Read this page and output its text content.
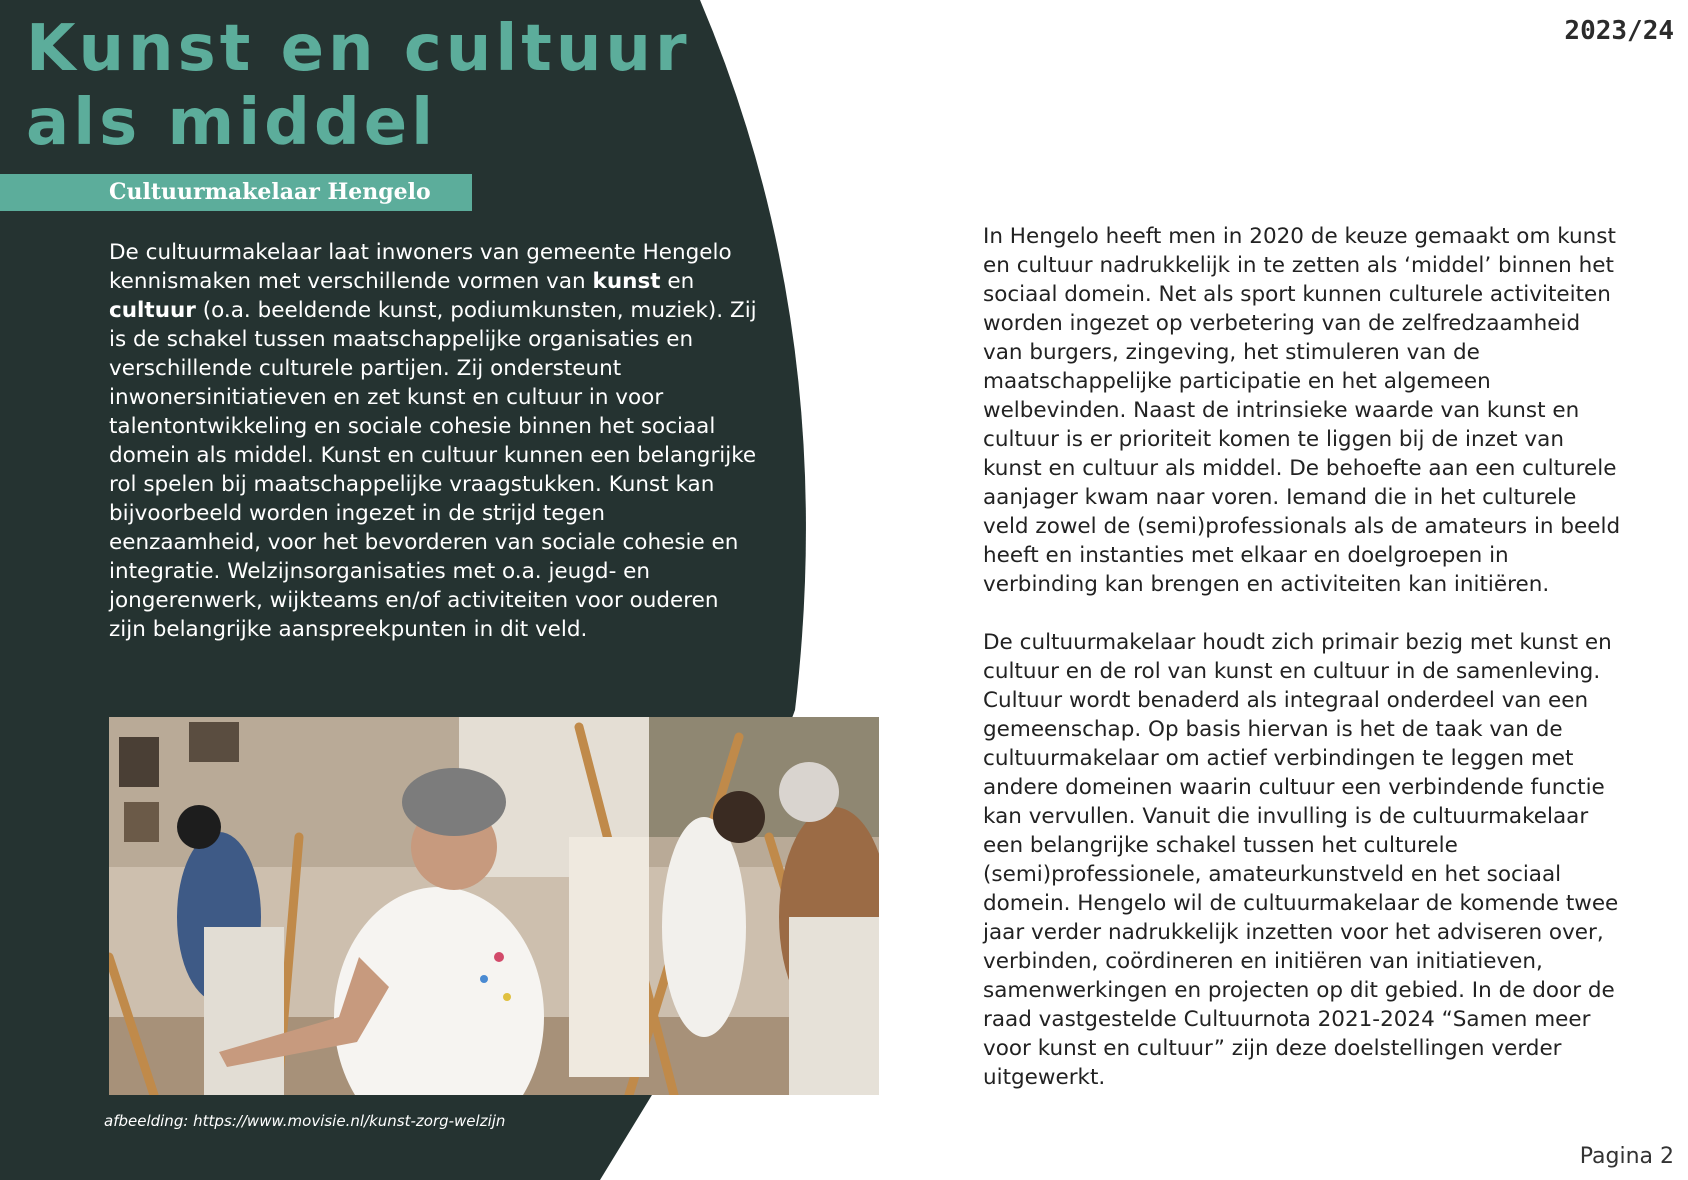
Kunst en cultuur
als middel
2023/24
Cultuurmakelaar Hengelo

De cultuurmakelaar laat inwoners van gemeente Hengelo kennismaken met verschillende vormen van kunst en cultuur (o.a. beeldende kunst, podiumkunsten, muziek). Zij is de schakel tussen maatschappelijke organisaties en verschillende culturele partijen. Zij ondersteunt inwonersinitiatieven en zet kunst en cultuur in voor talentontwikkeling en sociale cohesie binnen het sociaal domein als middel. Kunst en cultuur kunnen een belangrijke rol spelen bij maatschappelijke vraagstukken. Kunst kan bijvoorbeeld worden ingezet in de strijd tegen eenzaamheid, voor het bevorderen van sociale cohesie en integratie. Welzijnsorganisaties met o.a. jeugd- en jongerenwerk, wijkteams en/of activiteiten voor ouderen zijn belangrijke aanspreekpunten in dit veld.

afbeelding: https://www.movisie.nl/kunst-zorg-welzijn

In Hengelo heeft men in 2020 de keuze gemaakt om kunst en cultuur nadrukkelijk in te zetten als ‘middel’ binnen het sociaal domein. Net als sport kunnen culturele activiteiten worden ingezet op verbetering van de zelfredzaamheid van burgers, zingeving, het stimuleren van de maatschappelijke participatie en het algemeen welbevinden. Naast de intrinsieke waarde van kunst en cultuur is er prioriteit komen te liggen bij de inzet van kunst en cultuur als middel. De behoefte aan een culturele aanjager kwam naar voren. Iemand die in het culturele veld zowel de (semi)professionals als de amateurs in beeld heeft en instanties met elkaar en doelgroepen in verbinding kan brengen en activiteiten kan initiëren.

De cultuurmakelaar houdt zich primair bezig met kunst en cultuur en de rol van kunst en cultuur in de samenleving. Cultuur wordt benaderd als integraal onderdeel van een gemeenschap. Op basis hiervan is het de taak van de cultuurmakelaar om actief verbindingen te leggen met andere domeinen waarin cultuur een verbindende functie kan vervullen. Vanuit die invulling is de cultuurmakelaar een belangrijke schakel tussen het culturele (semi)professionele, amateurkunstveld en het sociaal domein. Hengelo wil de cultuurmakelaar de komende twee jaar verder nadrukkelijk inzetten voor het adviseren over, verbinden, coördineren en initiëren van initiatieven, samenwerkingen en projecten op dit gebied. In de door de raad vastgestelde Cultuurnota 2021-2024 “Samen meer voor kunst en cultuur” zijn deze doelstellingen verder uitgewerkt.

Pagina 2
